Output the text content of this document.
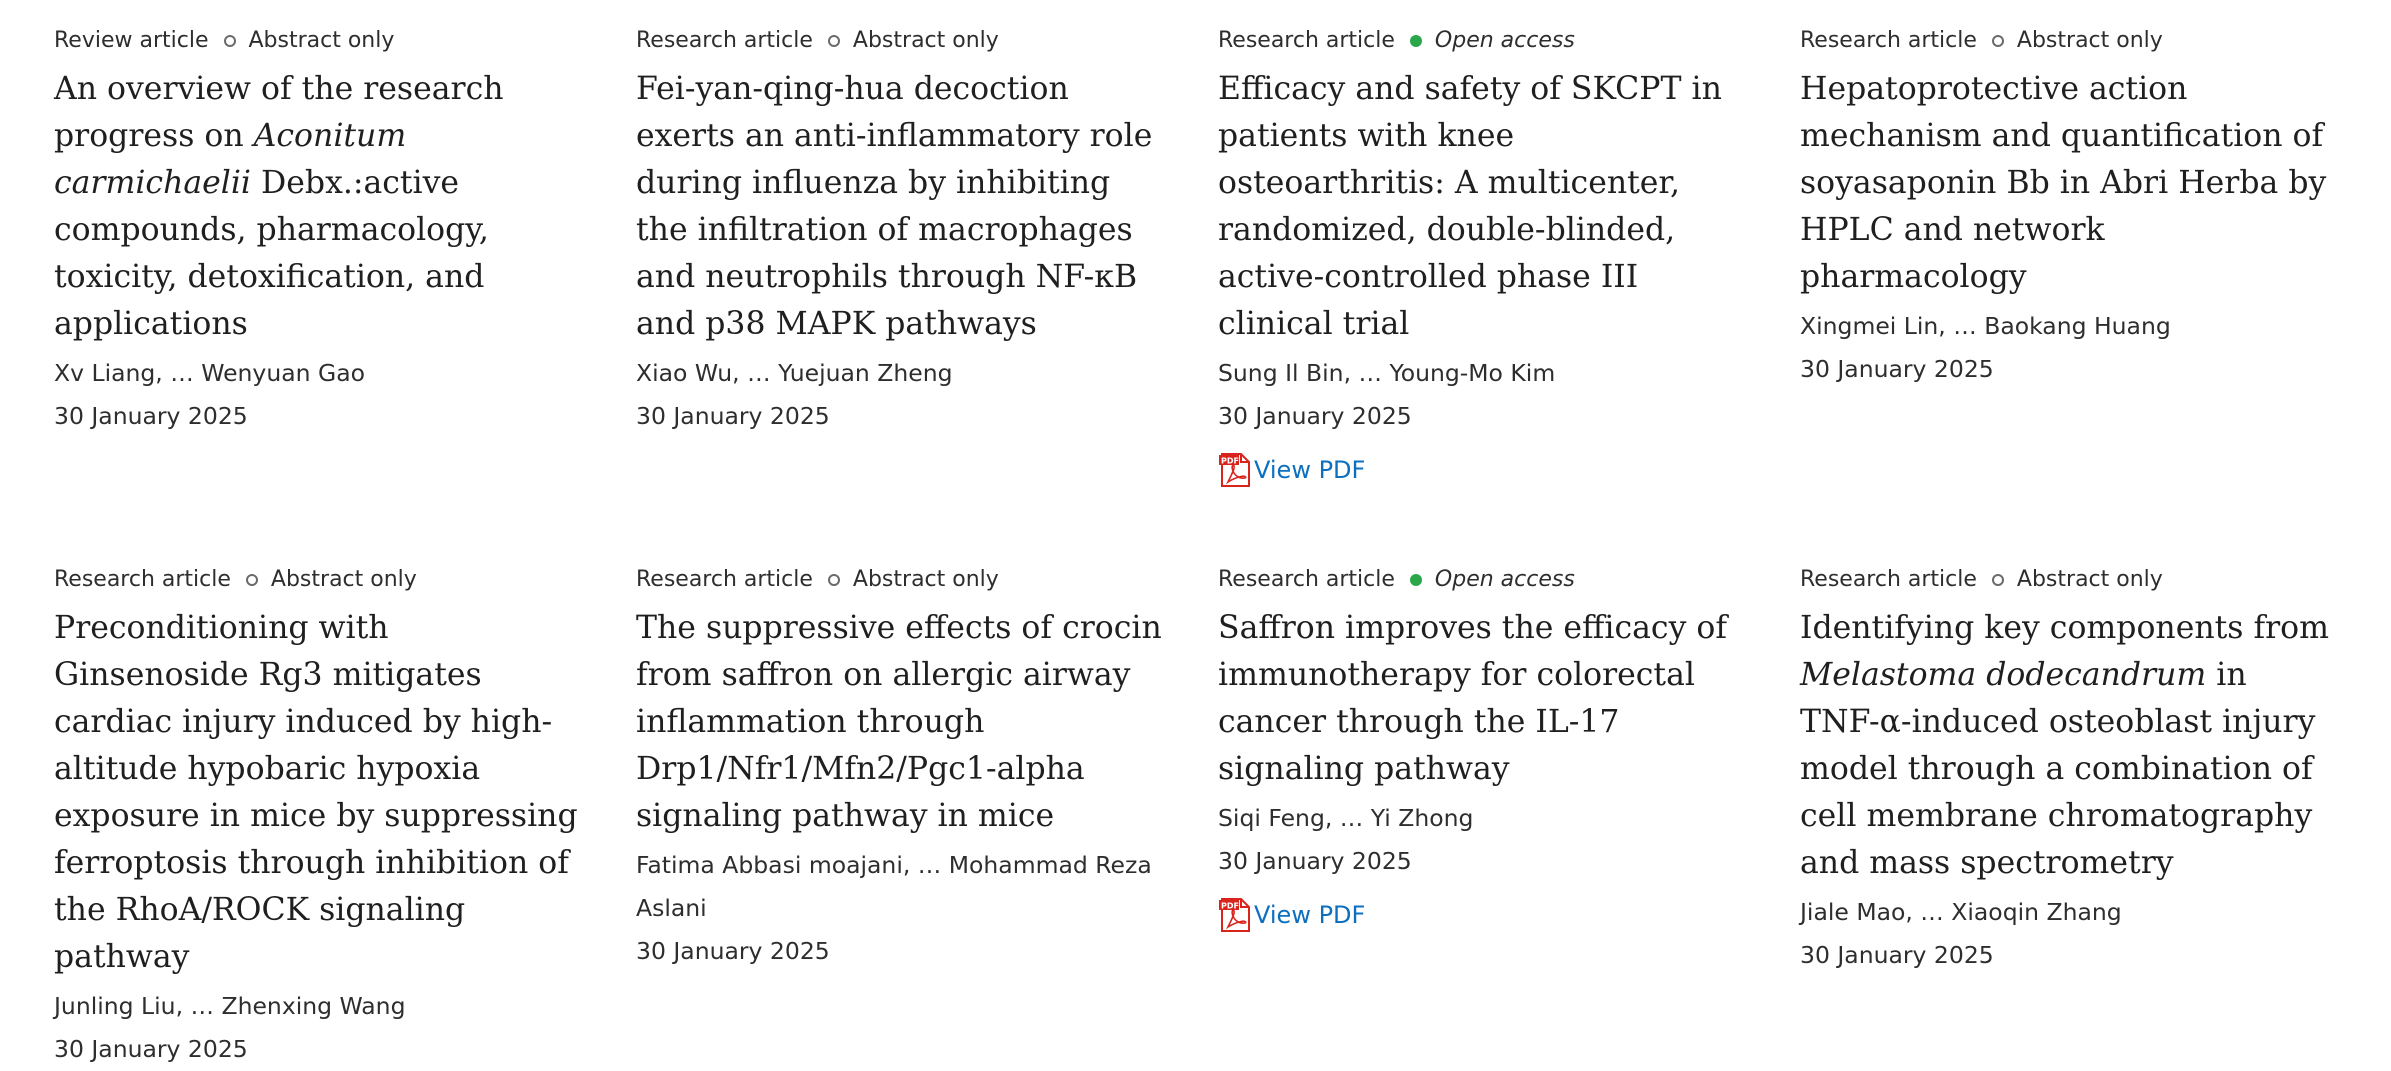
Review article Abstract only
An overview of the research progress on Aconitum carmichaelii Debx.:active compounds, pharmacology, toxicity, detoxification, and applications
Xv Liang, … Wenyuan Gao
30 January 2025
Research article Abstract only
Fei-yan-qing-hua decoction exerts an anti-inflammatory role during influenza by inhibiting the infiltration of macrophages and neutrophils through NF-κB and p38 MAPK pathways
Xiao Wu, … Yuejuan Zheng
30 January 2025
Research article Open access
Efficacy and safety of SKCPT in patients with knee osteoarthritis: A multicenter, randomized, double-blinded, active-controlled phase III clinical trial
Sung Il Bin, … Young-Mo Kim
30 January 2025
PDF View PDF
Research article Abstract only
Hepatoprotective action mechanism and quantification of soyasaponin Bb in Abri Herba by HPLC and network pharmacology
Xingmei Lin, … Baokang Huang
30 January 2025
Research article Abstract only
Preconditioning with Ginsenoside Rg3 mitigates cardiac injury induced by high-altitude hypobaric hypoxia exposure in mice by suppressing ferroptosis through inhibition of the RhoA/ROCK signaling pathway
Junling Liu, … Zhenxing Wang
30 January 2025
Research article Abstract only
The suppressive effects of crocin from saffron on allergic airway inflammation through Drp1/Nfr1/Mfn2/Pgc1-alpha signaling pathway in mice
Fatima Abbasi moajani, … Mohammad Reza Aslani
30 January 2025
Research article Open access
Saffron improves the efficacy of immunotherapy for colorectal cancer through the IL-17 signaling pathway
Siqi Feng, … Yi Zhong
30 January 2025
PDF View PDF
Research article Abstract only
Identifying key components from Melastoma dodecandrum in TNF-α-induced osteoblast injury model through a combination of cell membrane chromatography and mass spectrometry
Jiale Mao, … Xiaoqin Zhang
30 January 2025
